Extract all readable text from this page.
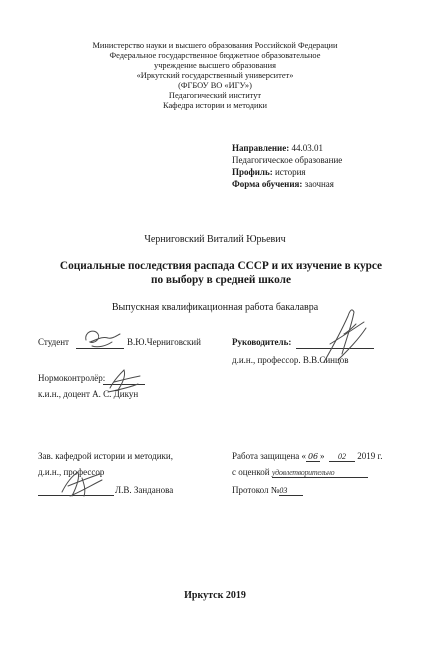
Министерство науки и высшего образования Российской Федерации
Федеральное государственное бюджетное образовательное
учреждение высшего образования
«Иркутский государственный университет»
(ФГБОУ ВО «ИГУ»)
Педагогический институт
Кафедра истории и методики
Направление: 44.03.01
Педагогическое образование
Профиль: история
Форма обучения: заочная
Черниговский Виталий Юрьевич
Социальные последствия распада СССР и их изучение в курсе
по выбору в средней школе
Выпускная квалификационная работа бакалавра
Студент	В.Ю.Черниговский	Руководитель:
д.и.н., профессор. В.В.Синцов
Нормоконтролёр:
к.и.н., доцент А. С. Дикун
Зав. кафедрой истории и методики,
д.и.н., профессор
Л.В. Занданова
Работа защищена « 06 » 02 2019 г.
с оценкой удовлетворительно
Протокол №03
Иркутск 2019
